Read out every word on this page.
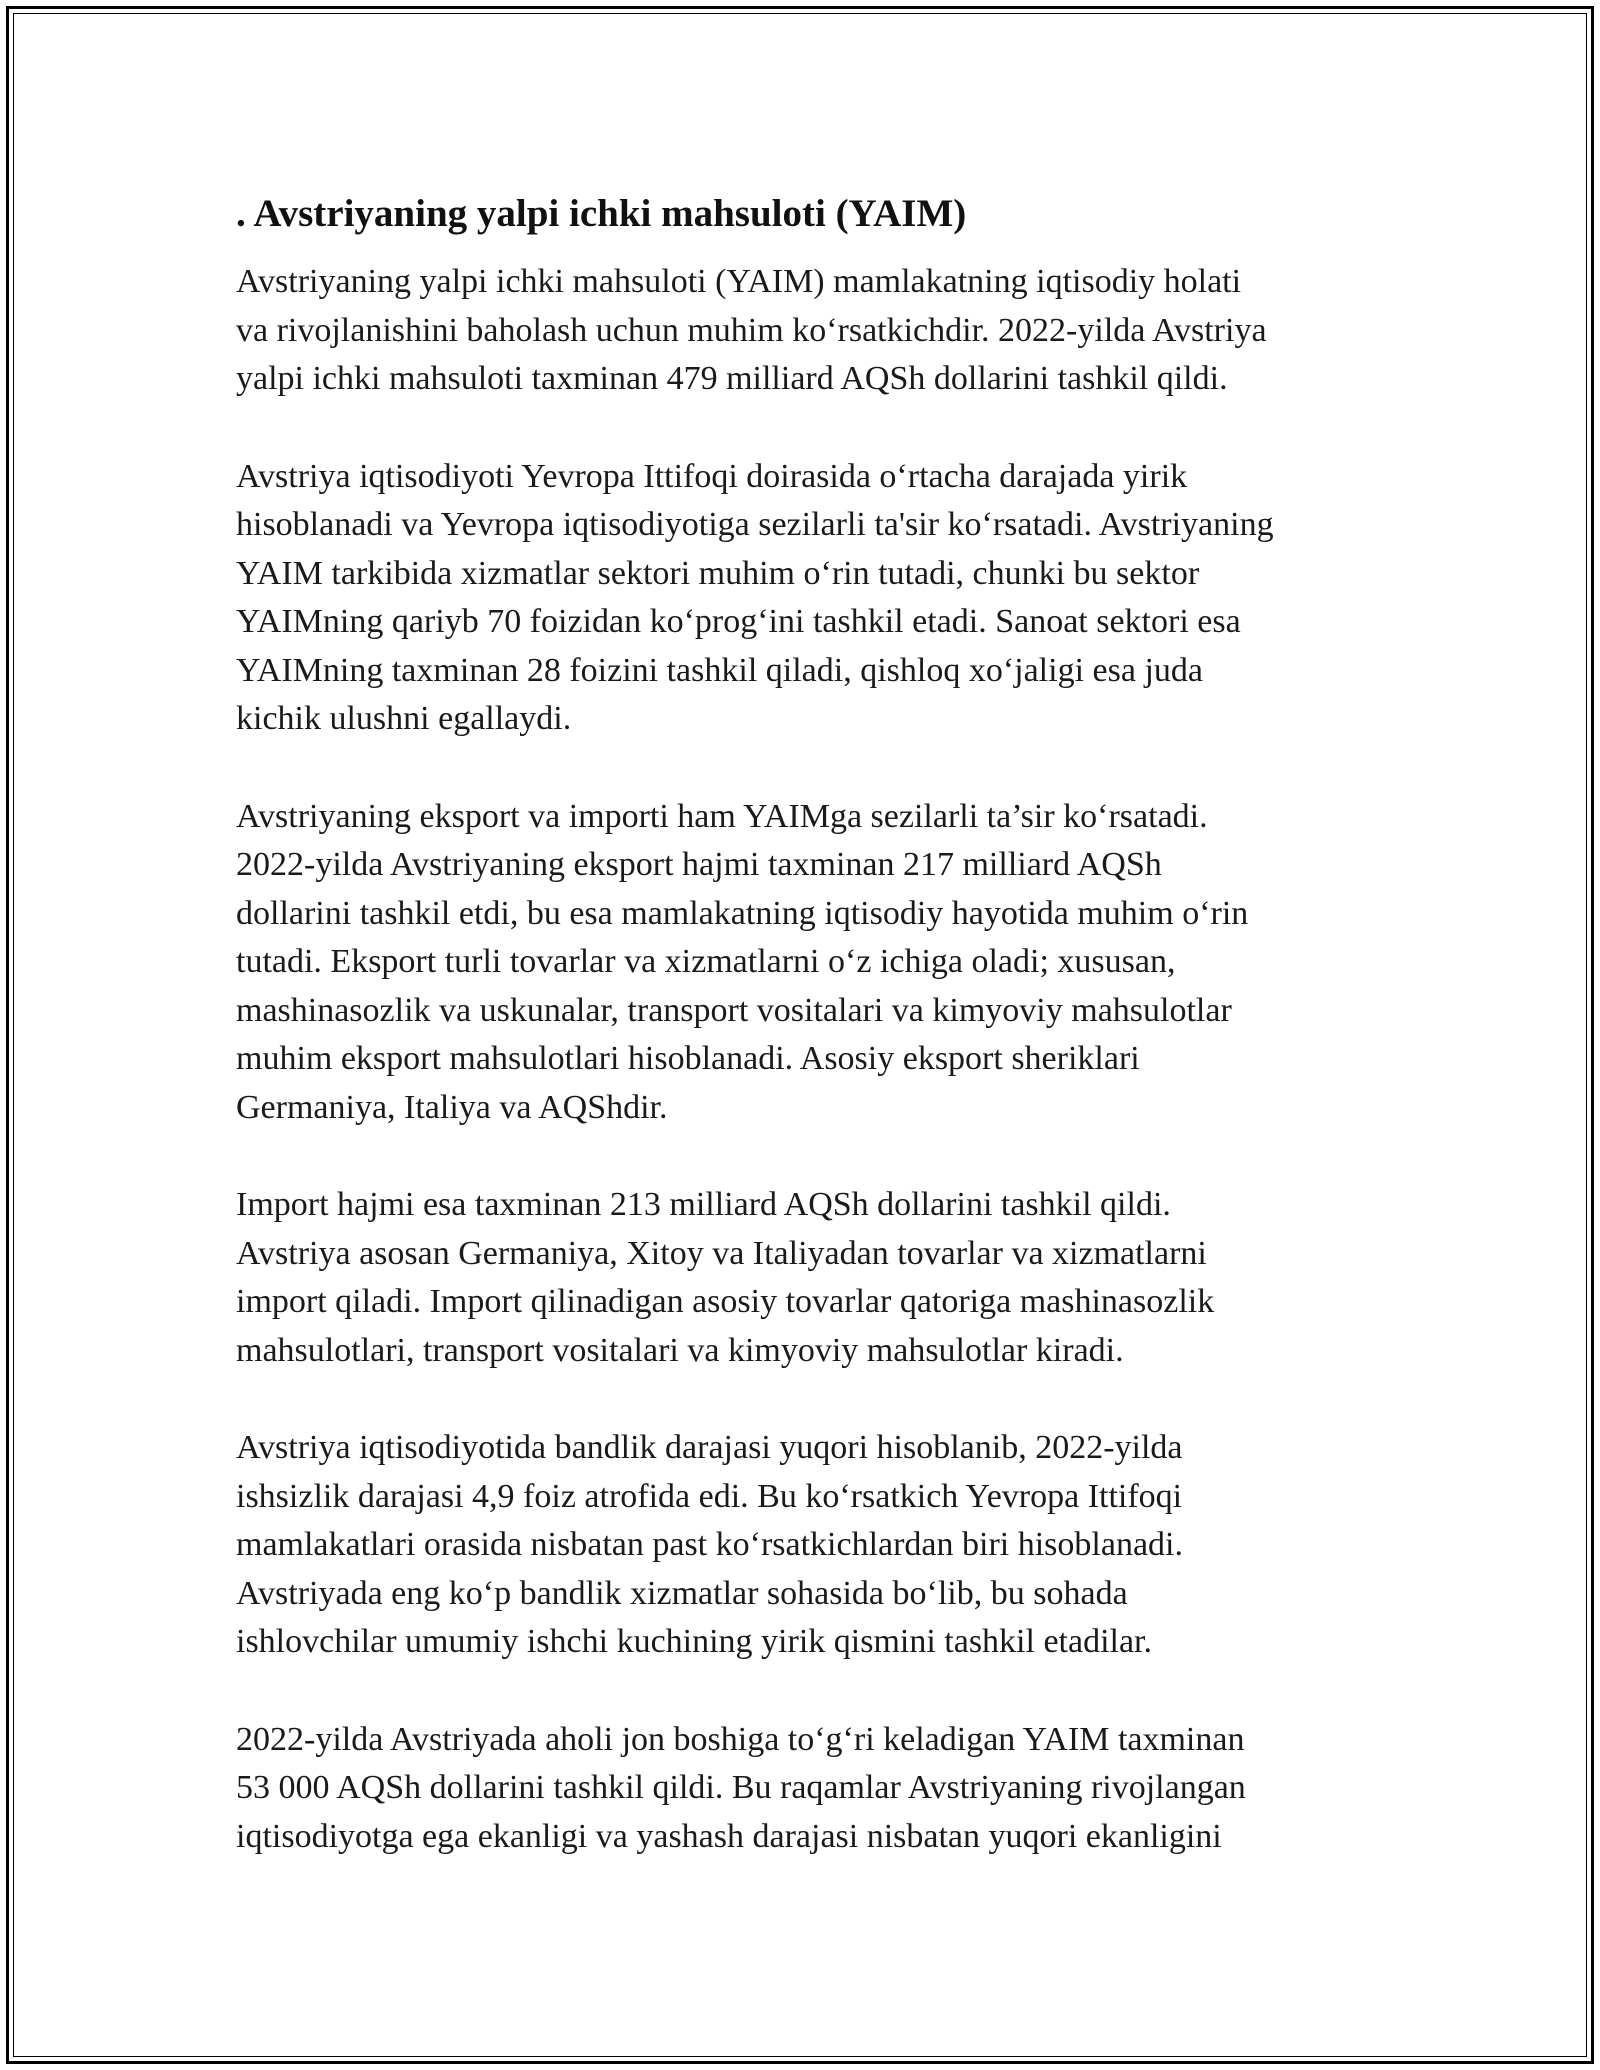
. Avstriyaning yalpi ichki mahsuloti (YAIM)
Avstriyaning yalpi ichki mahsuloti (YAIM) mamlakatning iqtisodiy holati
va rivojlanishini baholash uchun muhim koʻrsatkichdir. 2022-yilda Avstriya
yalpi ichki mahsuloti taxminan 479 milliard AQSh dollarini tashkil qildi.
Avstriya iqtisodiyoti Yevropa Ittifoqi doirasida oʻrtacha darajada yirik
hisoblanadi va Yevropa iqtisodiyotiga sezilarli ta'sir koʻrsatadi. Avstriyaning
YAIM tarkibida xizmatlar sektori muhim oʻrin tutadi, chunki bu sektor
YAIMning qariyb 70 foizidan koʻprogʻini tashkil etadi. Sanoat sektori esa
YAIMning taxminan 28 foizini tashkil qiladi, qishloq xoʻjaligi esa juda
kichik ulushni egallaydi.
Avstriyaning eksport va importi ham YAIMga sezilarli ta’sir koʻrsatadi.
2022-yilda Avstriyaning eksport hajmi taxminan 217 milliard AQSh
dollarini tashkil etdi, bu esa mamlakatning iqtisodiy hayotida muhim oʻrin
tutadi. Eksport turli tovarlar va xizmatlarni oʻz ichiga oladi; xususan,
mashinasozlik va uskunalar, transport vositalari va kimyoviy mahsulotlar
muhim eksport mahsulotlari hisoblanadi. Asosiy eksport sheriklari
Germaniya, Italiya va AQShdir.
Import hajmi esa taxminan 213 milliard AQSh dollarini tashkil qildi.
Avstriya asosan Germaniya, Xitoy va Italiyadan tovarlar va xizmatlarni
import qiladi. Import qilinadigan asosiy tovarlar qatoriga mashinasozlik
mahsulotlari, transport vositalari va kimyoviy mahsulotlar kiradi.
Avstriya iqtisodiyotida bandlik darajasi yuqori hisoblanib, 2022-yilda
ishsizlik darajasi 4,9 foiz atrofida edi. Bu koʻrsatkich Yevropa Ittifoqi
mamlakatlari orasida nisbatan past koʻrsatkichlardan biri hisoblanadi.
Avstriyada eng koʻp bandlik xizmatlar sohasida boʻlib, bu sohada
ishlovchilar umumiy ishchi kuchining yirik qismini tashkil etadilar.
2022-yilda Avstriyada aholi jon boshiga toʻgʻri keladigan YAIM taxminan
53 000 AQSh dollarini tashkil qildi. Bu raqamlar Avstriyaning rivojlangan
iqtisodiyotga ega ekanligi va yashash darajasi nisbatan yuqori ekanligini
